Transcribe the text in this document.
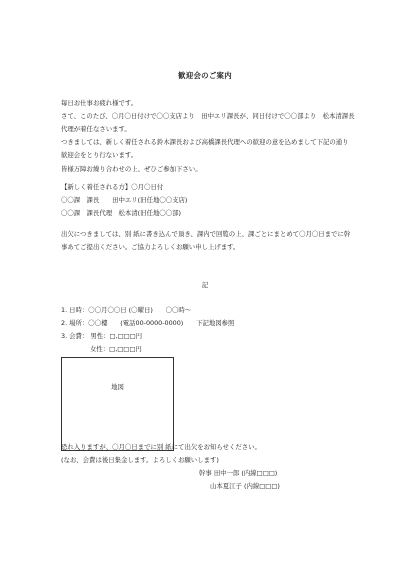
歓迎会のご案内
毎日お仕事お疲れ様です。
さて、このたび、〇月〇日付けで〇〇支店より　田中エリ課長が、同日付けで〇〇部より　松本清課長
代理が着任なさいます。
つきましては、新しく着任される鈴木課長および高橋課長代理への歓迎の意を込めまして下記の通り
歓迎会をとり行ないます。
皆様万障お繰り合わせの上、ぜひご参加下さい。
【新しく着任される方】〇月〇日付
〇〇課　課長　　田中エリ(旧任地〇〇支店)
〇〇課　課長代理　松本清(旧任地〇〇部)
出欠につきましては、別 紙に書き込んで頂き、課内で回覧の上、課ごとにまとめて〇月〇日までに幹
事あてご提出ください。ご協力よろしくお願い申し上げます。
記
1. 日時：〇〇月〇〇日 (〇曜日)　　〇〇時～
2. 場所：〇〇樓　　(電話00-0000-0000)　　下記地図参照
3. 会費： 男性：□,□□□円
女性：□,□□□円
地図
恐れ入りますが、〇月〇日までに別 紙にて出欠をお知らせください。
(なお、会費は後日集金します。よろしくお願いします)
幹事 田中一郎 (内線□□□)
山本夏江子 (内線□□□)
